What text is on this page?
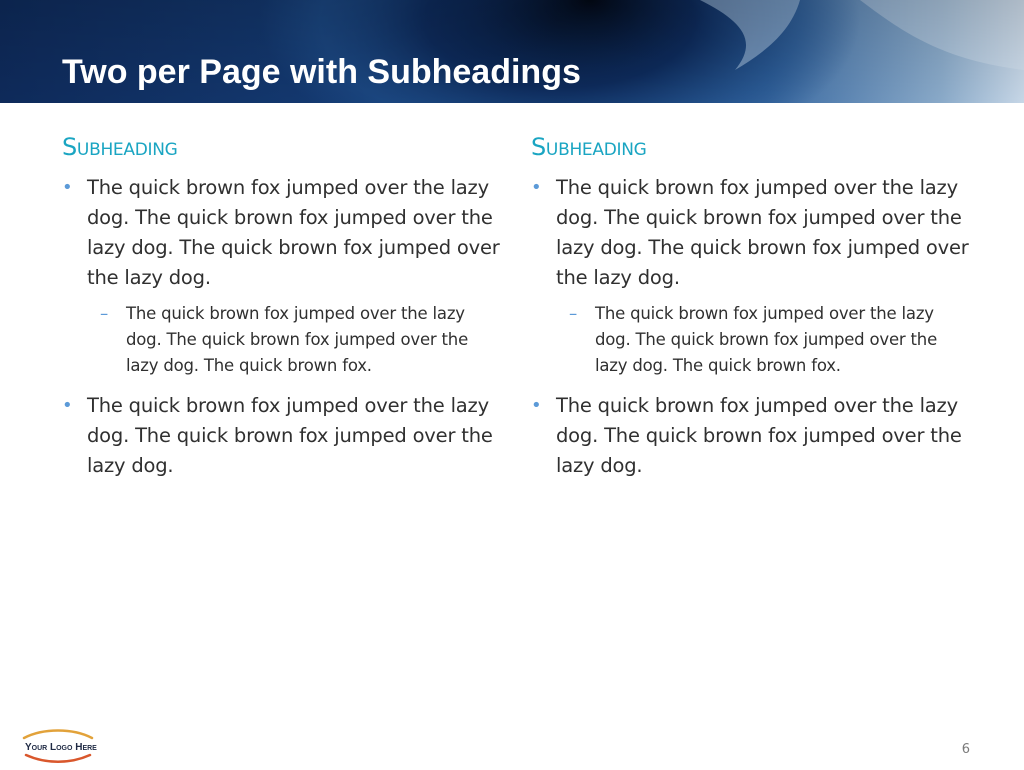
Two per Page with Subheadings
Subheading
• The quick brown fox jumped over the lazy dog. The quick brown fox jumped over the lazy dog. The quick brown fox jumped over the lazy dog.
– The quick brown fox jumped over the lazy dog. The quick brown fox jumped over the lazy dog. The quick brown fox.
• The quick brown fox jumped over the lazy dog. The quick brown fox jumped over the lazy dog.
Subheading
• The quick brown fox jumped over the lazy dog. The quick brown fox jumped over the lazy dog. The quick brown fox jumped over the lazy dog.
– The quick brown fox jumped over the lazy dog. The quick brown fox jumped over the lazy dog. The quick brown fox.
• The quick brown fox jumped over the lazy dog. The quick brown fox jumped over the lazy dog.
Your Logo Here	6
